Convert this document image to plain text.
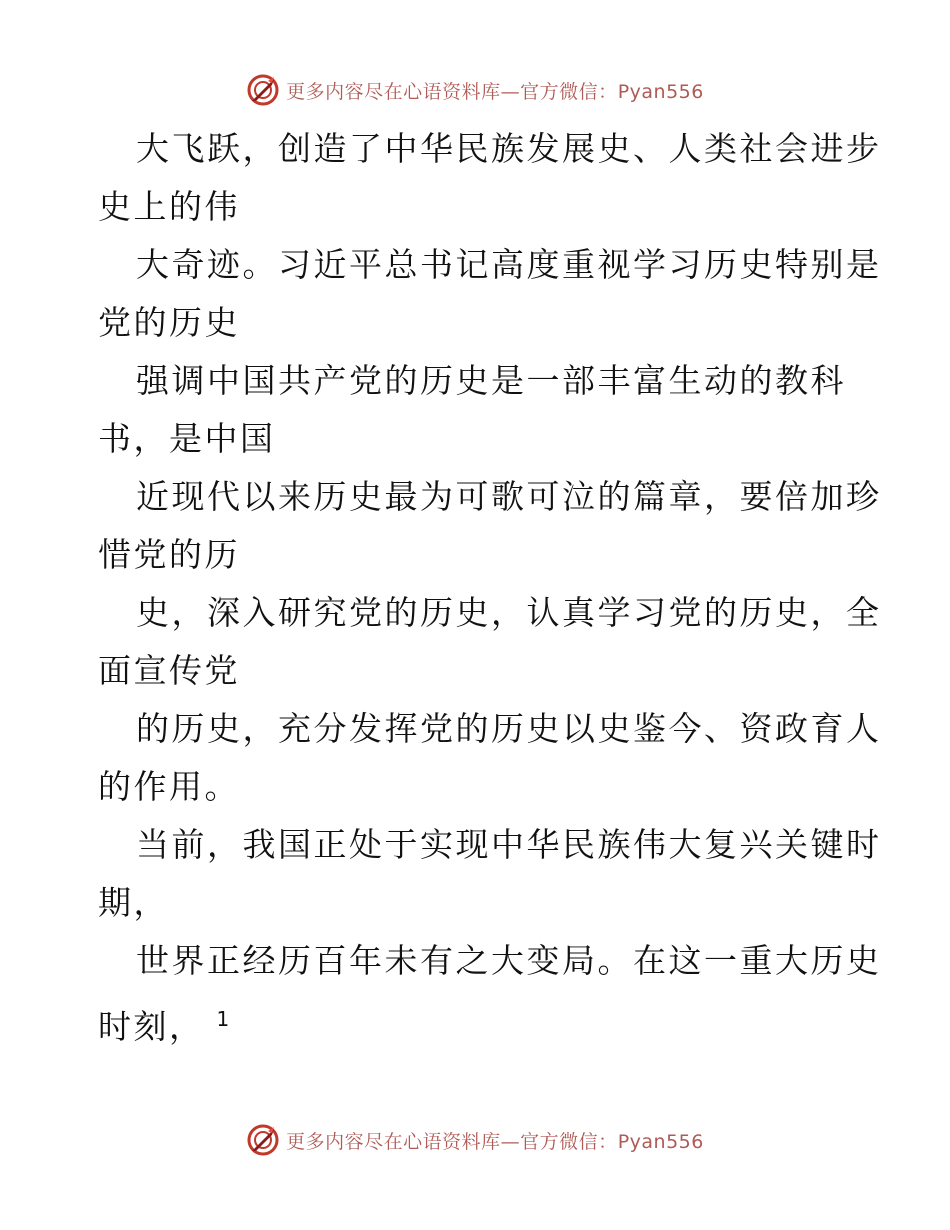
更多内容尽在心语资料库—官方微信：Pyan556
大飞跃，创造了中华民族发展史、人类社会进步
史上的伟
大奇迹。习近平总书记高度重视学习历史特别是
党的历史
强调中国共产党的历史是一部丰富生动的教科
书，是中国
近现代以来历史最为可歌可泣的篇章，要倍加珍
惜党的历
史，深入研究党的历史，认真学习党的历史，全
面宣传党
的历史，充分发挥党的历史以史鉴今、资政育人
的作用。
当前，我国正处于实现中华民族伟大复兴关键时
期，
世界正经历百年未有之大变局。在这一重大历史
时刻， $^1$
更多内容尽在心语资料库—官方微信：Pyan556
